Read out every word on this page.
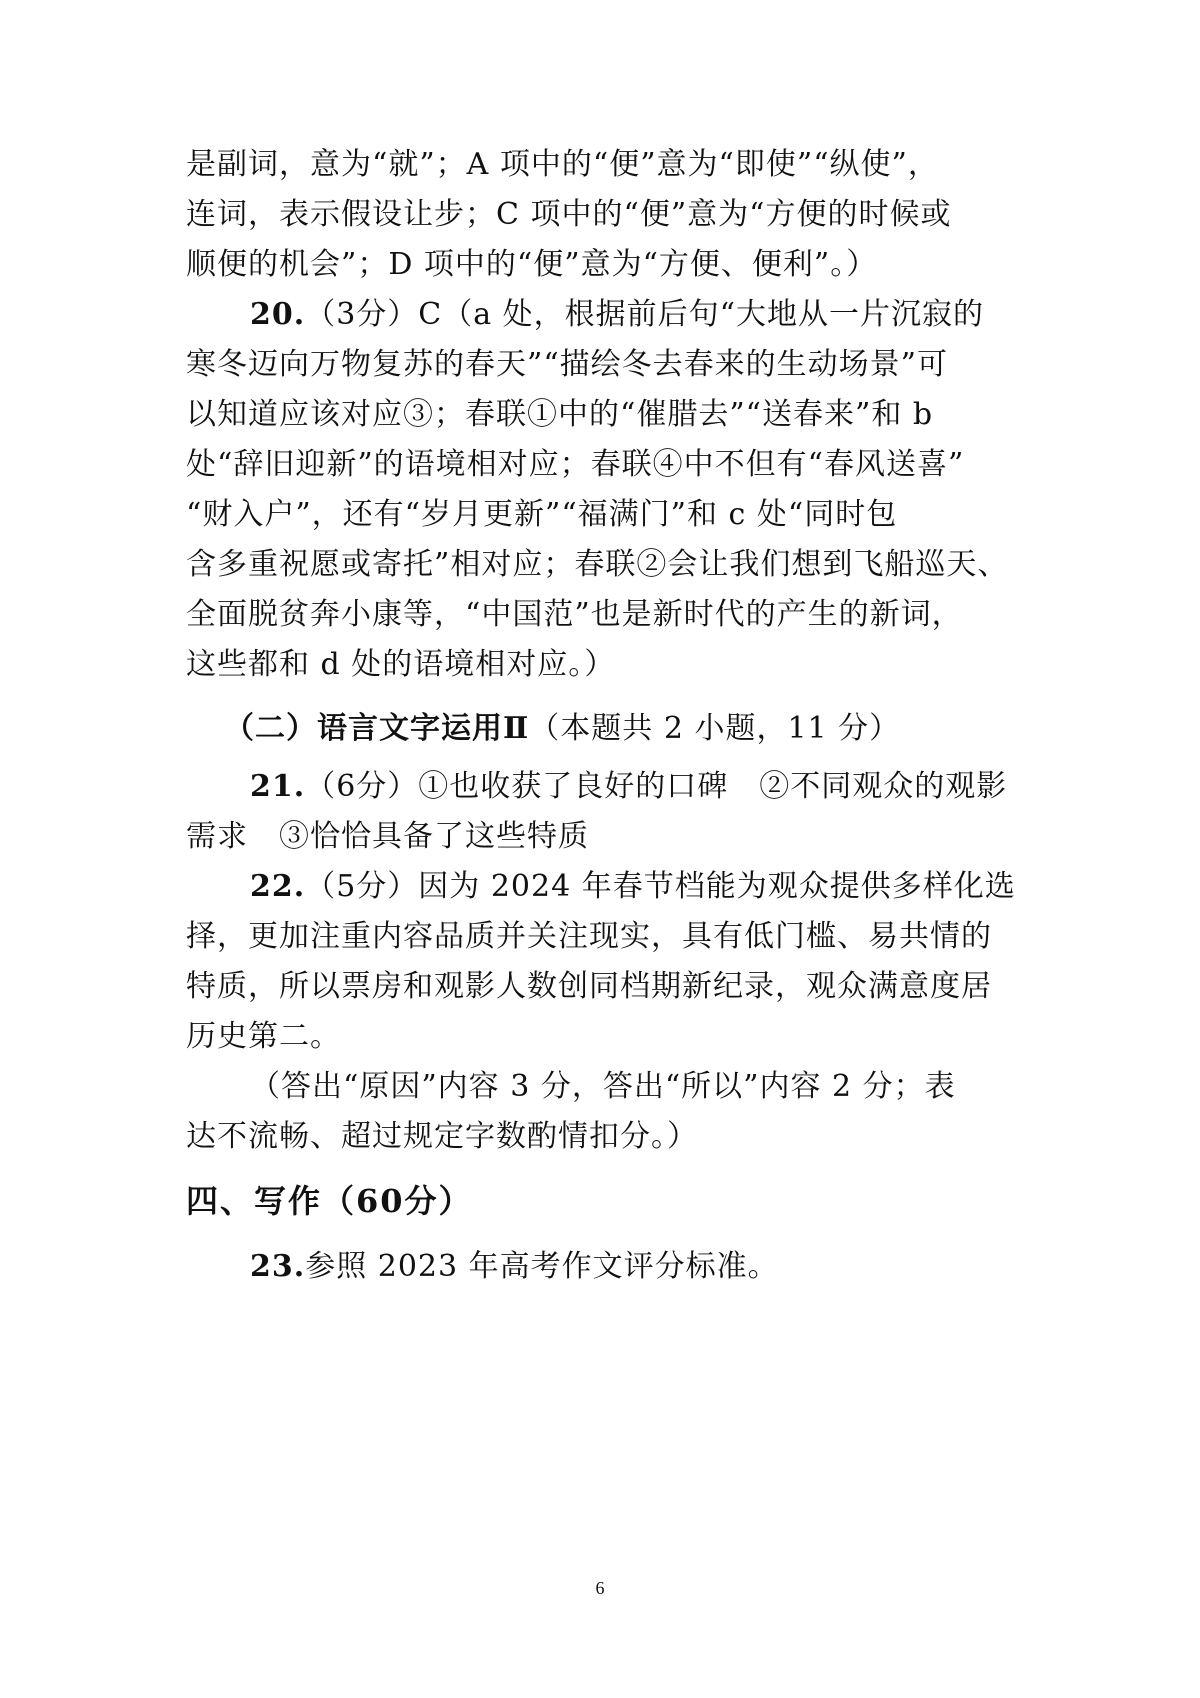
是副词，意为“就”；A 项中的“便”意为“即使”“纵使”，

连词，表示假设让步；C 项中的“便”意为“方便的时候或

顺便的机会”；D 项中的“便”意为“方便、便利”。）

20.（3分）C（a 处，根据前后句“大地从一片沉寂的

寒冬迈向万物复苏的春天”“描绘冬去春来的生动场景”可

以知道应该对应③；春联①中的“催腊去”“送春来”和 b

处“辞旧迎新”的语境相对应；春联④中不但有“春风送喜”

“财入户”，还有“岁月更新”“福满门”和 c 处“同时包

含多重祝愿或寄托”相对应；春联②会让我们想到飞船巡天、

全面脱贫奔小康等，“中国范”也是新时代的产生的新词，

这些都和 d 处的语境相对应。）

（二）语言文字运用Ⅱ（本题共 2 小题，11 分）

21.（6分）①也收获了良好的口碑　②不同观众的观影

需求　③恰恰具备了这些特质

22.（5分）因为 2024 年春节档能为观众提供多样化选

择，更加注重内容品质并关注现实，具有低门槛、易共情的

特质，所以票房和观影人数创同档期新纪录，观众满意度居

历史第二。

（答出“原因”内容 3 分，答出“所以”内容 2 分；表

达不流畅、超过规定字数酌情扣分。）

四、写作（60分）

23.参照 2023 年高考作文评分标准。

6
